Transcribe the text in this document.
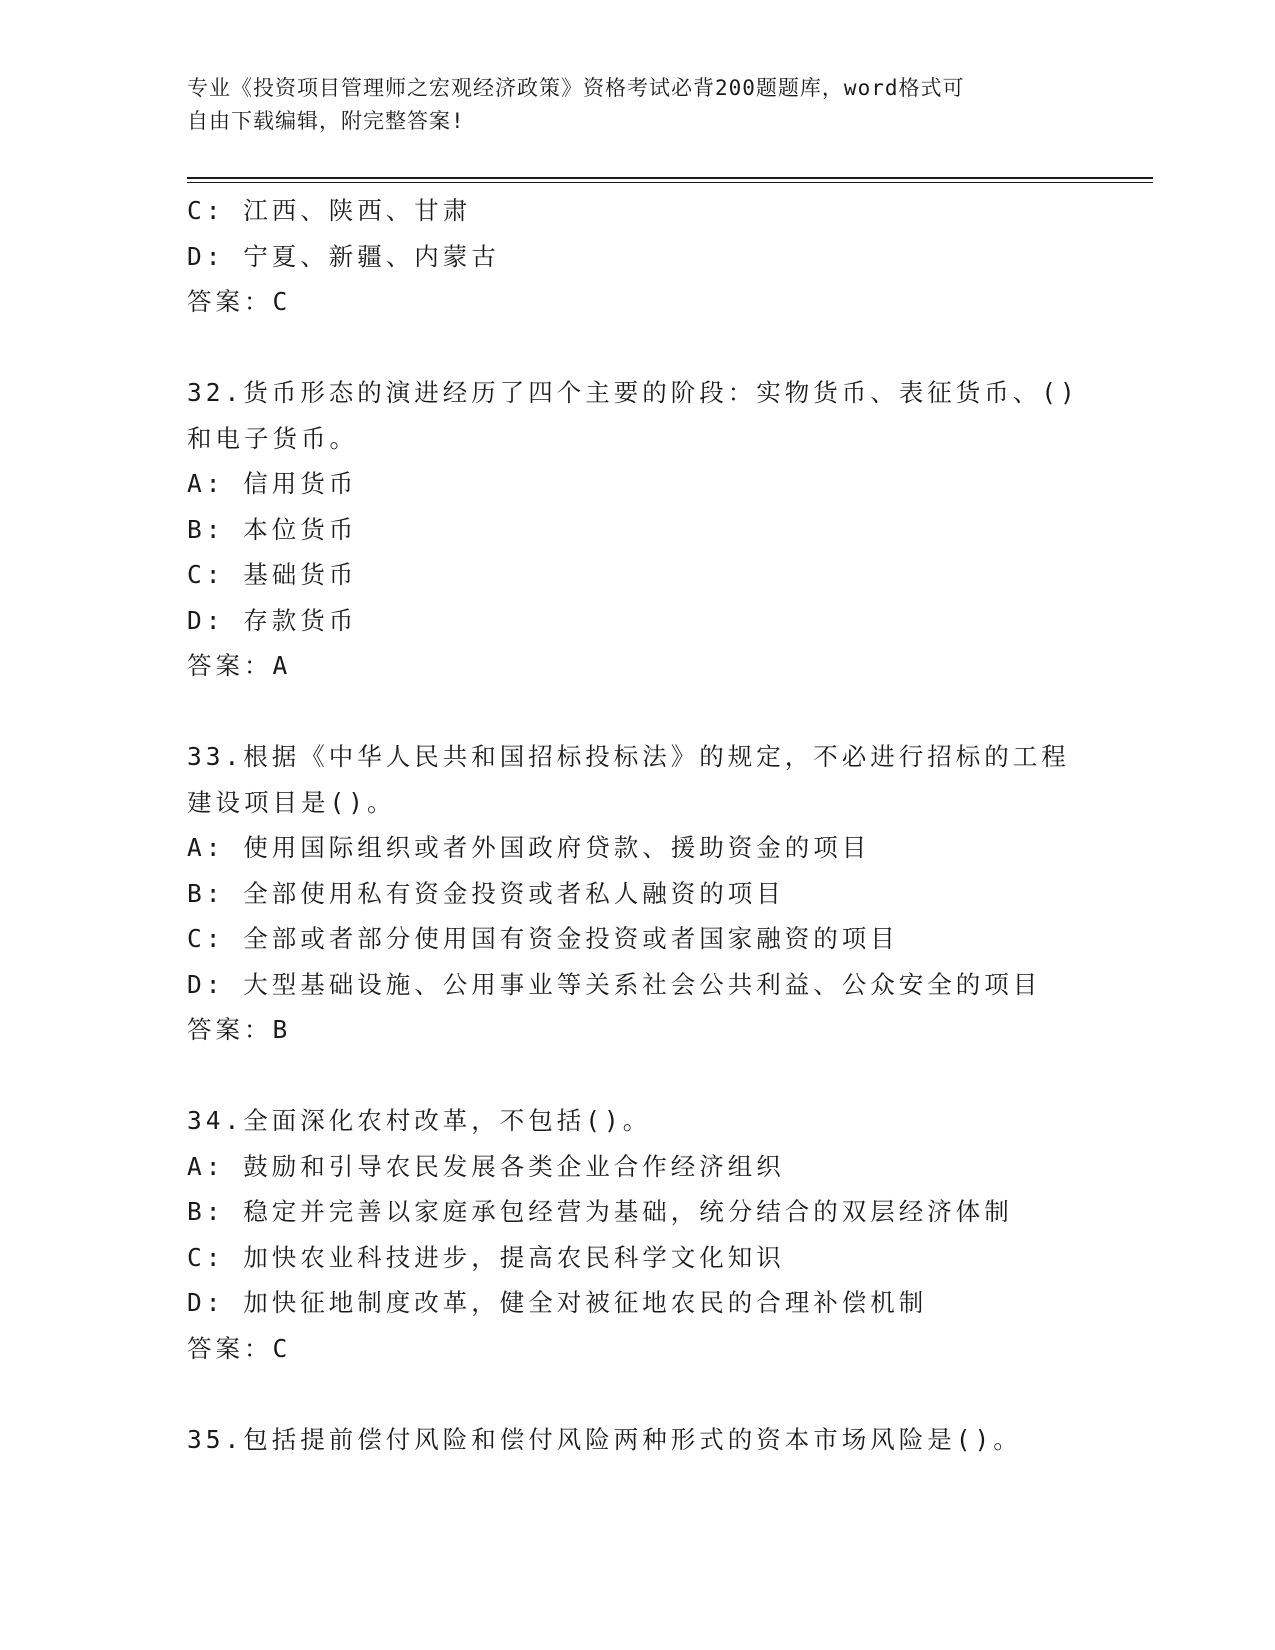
专业《投资项目管理师之宏观经济政策》资格考试必背200题题库，word格式可
自由下载编辑，附完整答案!
C: 江西、陕西、甘肃
D: 宁夏、新疆、内蒙古
答案：C
32.货币形态的演进经历了四个主要的阶段：实物货币、表征货币、()
和电子货币。
A: 信用货币
B: 本位货币
C: 基础货币
D: 存款货币
答案：A
33.根据《中华人民共和国招标投标法》的规定，不必进行招标的工程
建设项目是()。
A: 使用国际组织或者外国政府贷款、援助资金的项目
B: 全部使用私有资金投资或者私人融资的项目
C: 全部或者部分使用国有资金投资或者国家融资的项目
D: 大型基础设施、公用事业等关系社会公共利益、公众安全的项目
答案：B
34.全面深化农村改革，不包括()。
A: 鼓励和引导农民发展各类企业合作经济组织
B: 稳定并完善以家庭承包经营为基础，统分结合的双层经济体制
C: 加快农业科技进步，提高农民科学文化知识
D: 加快征地制度改革，健全对被征地农民的合理补偿机制
答案：C
35.包括提前偿付风险和偿付风险两种形式的资本市场风险是()。
